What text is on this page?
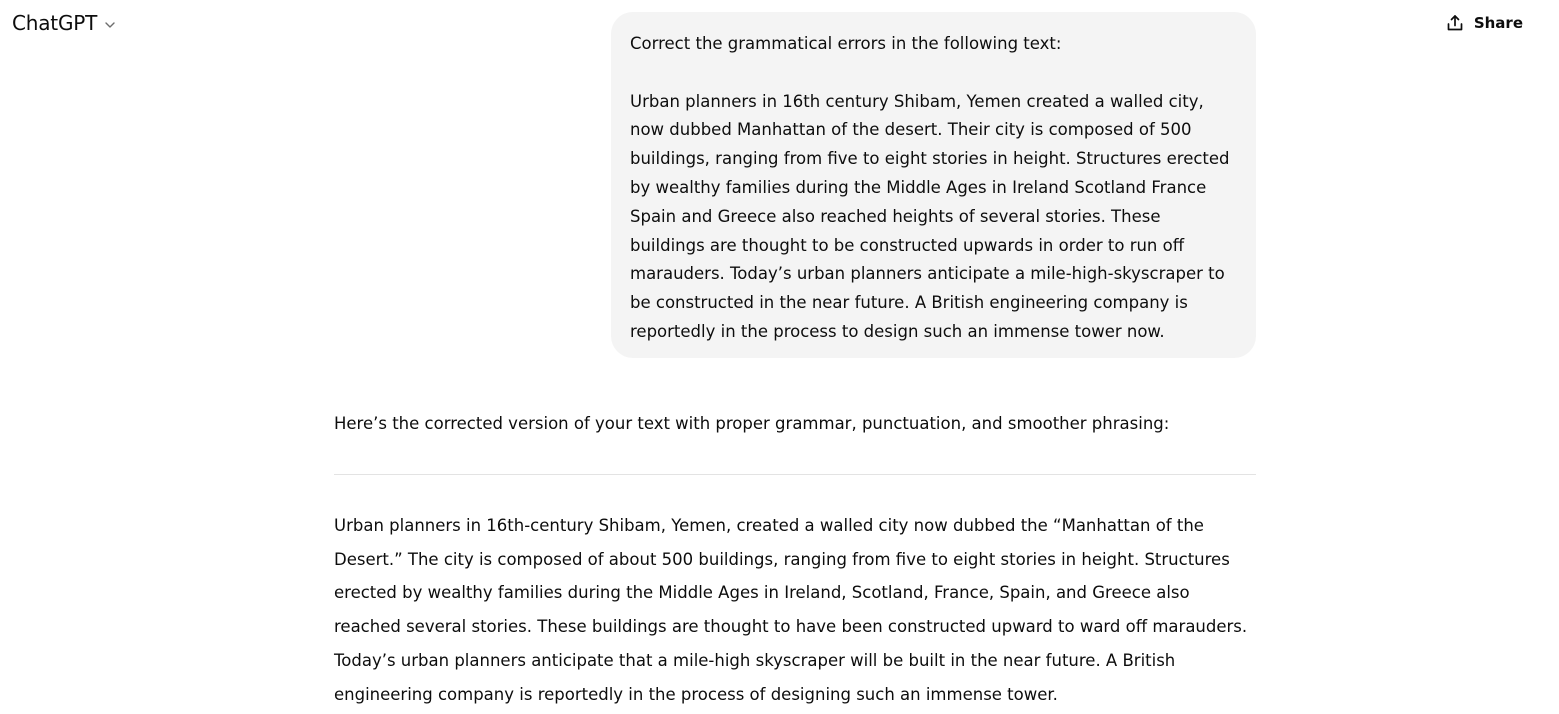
ChatGPT	Share

Correct the grammatical errors in the following text:

Urban planners in 16th century Shibam, Yemen created a walled city, now dubbed Manhattan of the desert. Their city is composed of 500 buildings, ranging from five to eight stories in height. Structures erected by wealthy families during the Middle Ages in Ireland Scotland France Spain and Greece also reached heights of several stories. These buildings are thought to be constructed upwards in order to run off marauders. Today’s urban planners anticipate a mile-high-skyscraper to be constructed in the near future. A British engineering company is reportedly in the process to design such an immense tower now.

Here’s the corrected version of your text with proper grammar, punctuation, and smoother phrasing:

Urban planners in 16th-century Shibam, Yemen, created a walled city now dubbed the “Manhattan of the Desert.” The city is composed of about 500 buildings, ranging from five to eight stories in height. Structures erected by wealthy families during the Middle Ages in Ireland, Scotland, France, Spain, and Greece also reached several stories. These buildings are thought to have been constructed upward to ward off marauders. Today’s urban planners anticipate that a mile-high skyscraper will be built in the near future. A British engineering company is reportedly in the process of designing such an immense tower.
